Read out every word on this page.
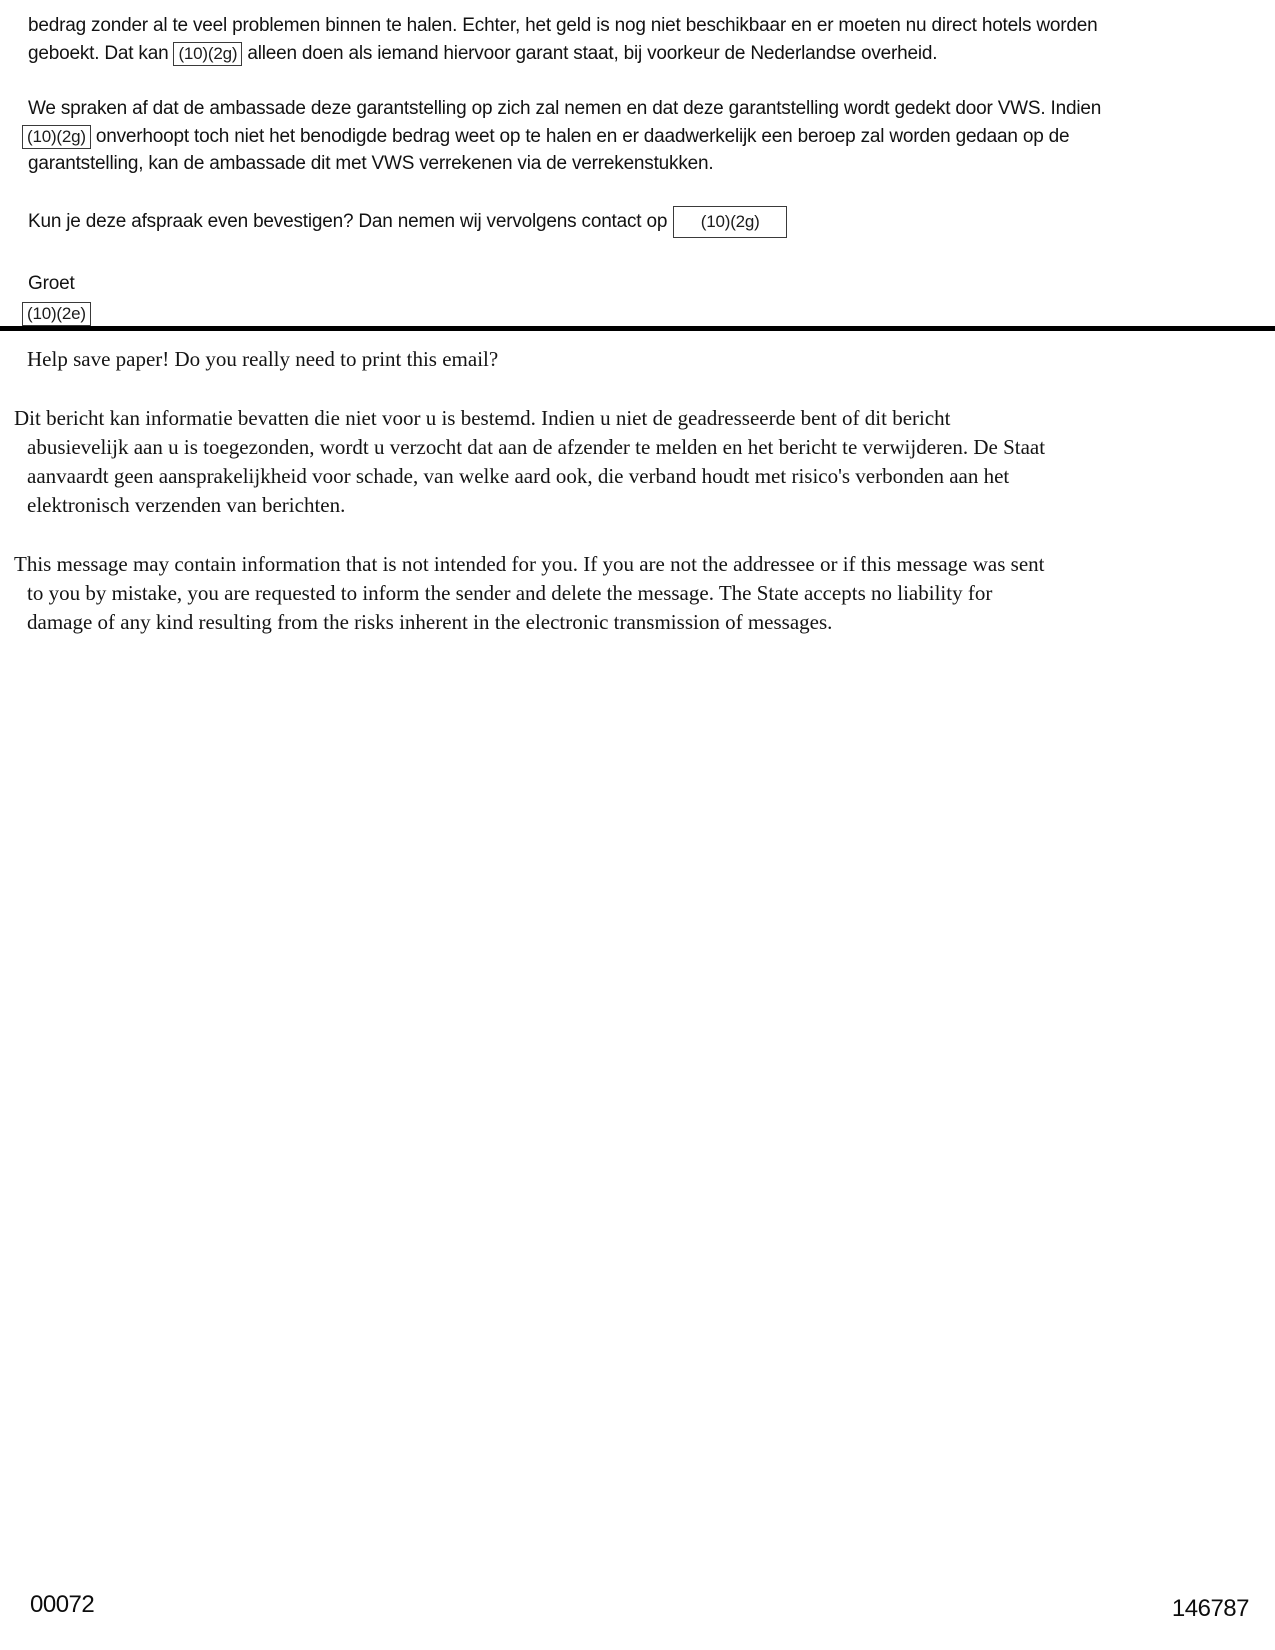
bedrag zonder al te veel problemen binnen te halen. Echter, het geld is nog niet beschikbaar en er moeten nu direct hotels worden
geboekt. Dat kan (10)(2g) alleen doen als iemand hiervoor garant staat, bij voorkeur de Nederlandse overheid.
We spraken af dat de ambassade deze garantstelling op zich zal nemen en dat deze garantstelling wordt gedekt door VWS. Indien
(10)(2g) onverhoopt toch niet het benodigde bedrag weet op te halen en er daadwerkelijk een beroep zal worden gedaan op de
garantstelling, kan de ambassade dit met VWS verrekenen via de verrekenstukken.
Kun je deze afspraak even bevestigen? Dan nemen wij vervolgens contact op (10)(2g)
Groet
(10)(2e)
Help save paper! Do you really need to print this email?
Dit bericht kan informatie bevatten die niet voor u is bestemd. Indien u niet de geadresseerde bent of dit bericht
abusievelijk aan u is toegezonden, wordt u verzocht dat aan de afzender te melden en het bericht te verwijderen. De Staat
aanvaardt geen aansprakelijkheid voor schade, van welke aard ook, die verband houdt met risico's verbonden aan het
elektronisch verzenden van berichten.
This message may contain information that is not intended for you. If you are not the addressee or if this message was sent
to you by mistake, you are requested to inform the sender and delete the message. The State accepts no liability for
damage of any kind resulting from the risks inherent in the electronic transmission of messages.
00072	146787
